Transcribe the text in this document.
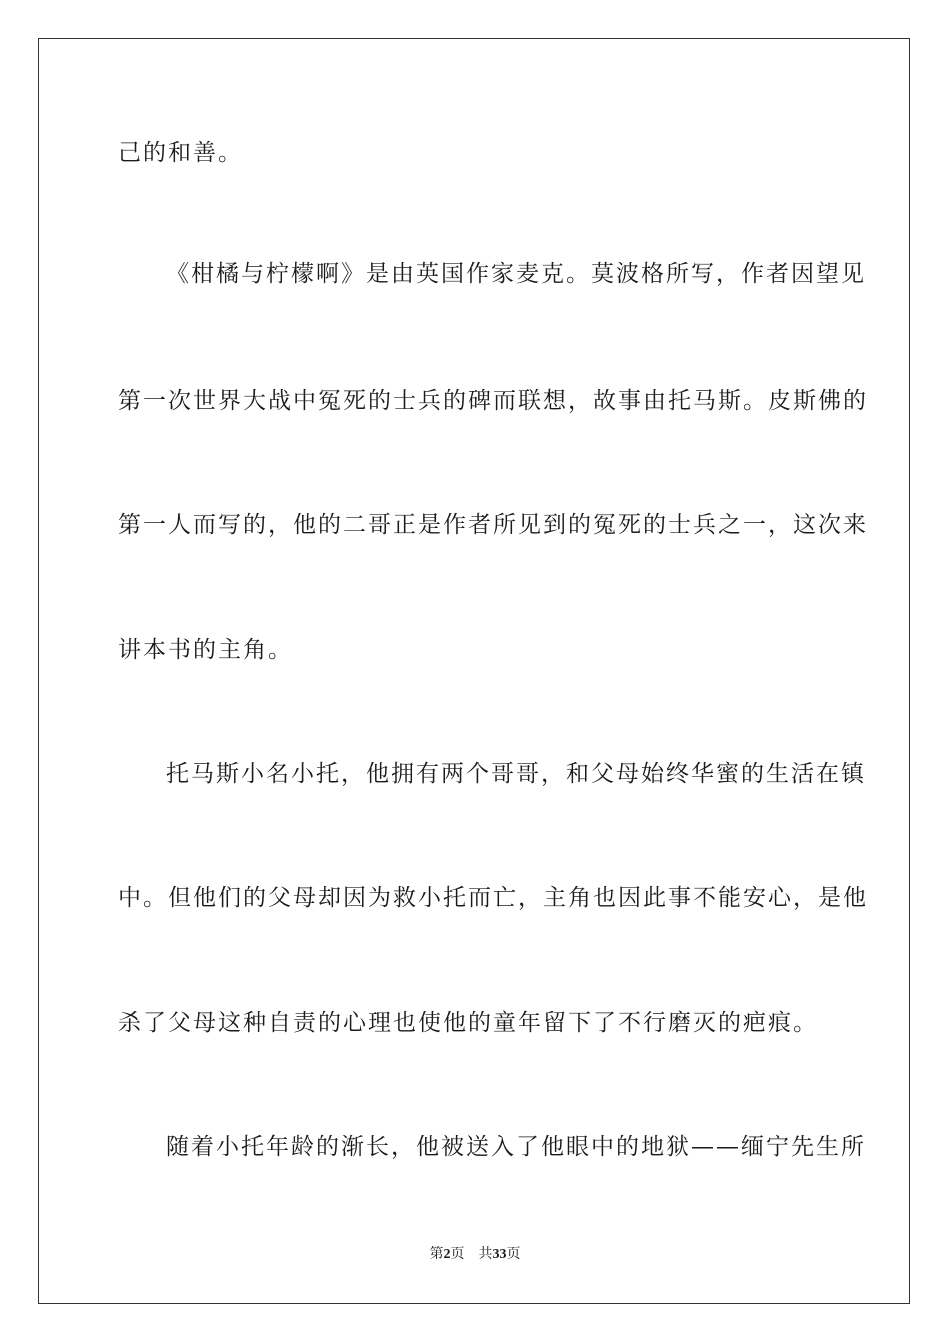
己的和善。
《柑橘与柠檬啊》是由英国作家麦克。莫波格所写，作者因望见
第一次世界大战中冤死的士兵的碑而联想，故事由托马斯。皮斯佛的
第一人而写的，他的二哥正是作者所见到的冤死的士兵之一，这次来
讲本书的主角。
托马斯小名小托，他拥有两个哥哥，和父母始终华蜜的生活在镇
中。但他们的父母却因为救小托而亡，主角也因此事不能安心，是他
杀了父母这种自责的心理也使他的童年留下了不行磨灭的疤痕。
随着小托年龄的渐长，他被送入了他眼中的地狱——缅宁先生所
第2页 共33页
